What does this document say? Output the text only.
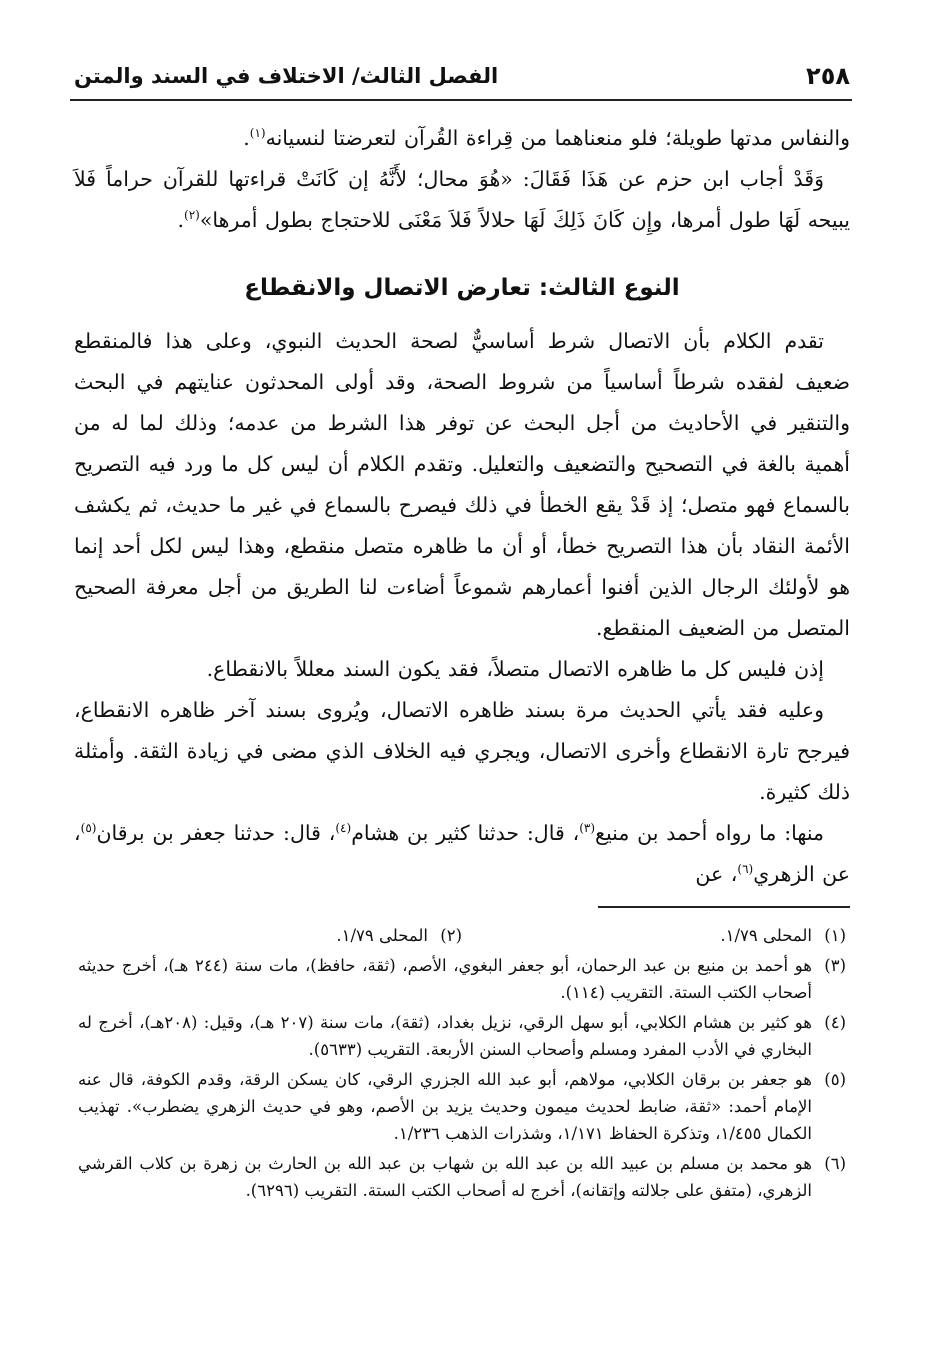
٢٥٨
الفصل الثالث/ الاختلاف في السند والمتن

والنفاس مدتها طويلة؛ فلو منعناهما من قِراءة القُرآن لتعرضتا لنسيانه$^{(١)}$.

وَقَدْ أجاب ابن حزم عن هَذَا فَقَالَ: «هُوَ محال؛ لأَنَّهُ إن كَانَتْ قراءتها للقرآن حراماً فَلاَ يبيحه لَهَا طول أمرها، وإِن كَانَ ذَلِكَ لَهَا حلالاً فَلاَ مَعْنَى للاحتجاج بطول أمرها»$^{(٢)}$.

النوع الثالث: تعارض الاتصال والانقطاع

تقدم الكلام بأن الاتصال شرط أساسيٌّ لصحة الحديث النبوي، وعلى هذا فالمنقطع ضعيف لفقده شرطاً أساسياً من شروط الصحة، وقد أولى المحدثون عنايتهم في البحث والتنقير في الأحاديث من أجل البحث عن توفر هذا الشرط من عدمه؛ وذلك لما له من أهمية بالغة في التصحيح والتضعيف والتعليل. وتقدم الكلام أن ليس كل ما ورد فيه التصريح بالسماع فهو متصل؛ إذ قَدْ يقع الخطأ في ذلك فيصرح بالسماع في غير ما حديث، ثم يكشف الأئمة النقاد بأن هذا التصريح خطأ، أو أن ما ظاهره متصل منقطع، وهذا ليس لكل أحد إنما هو لأولئك الرجال الذين أفنوا أعمارهم شموعاً أضاءت لنا الطريق من أجل معرفة الصحيح المتصل من الضعيف المنقطع.

إذن فليس كل ما ظاهره الاتصال متصلاً، فقد يكون السند معللاً بالانقطاع.

وعليه فقد يأتي الحديث مرة بسند ظاهره الاتصال، ويُروى بسند آخر ظاهره الانقطاع، فيرجح تارة الانقطاع وأخرى الاتصال، ويجري فيه الخلاف الذي مضى في زيادة الثقة. وأمثلة ذلك كثيرة.

منها: ما رواه أحمد بن منيع$^{(٣)}$، قال: حدثنا كثير بن هشام$^{(٤)}$، قال: حدثنا جعفر بن برقان$^{(٥)}$، عن الزهري$^{(٦)}$، عن

(١)
المحلى ١/٧٩.
(٢)
المحلى ١/٧٩.
(٣)
هو أحمد بن منيع بن عبد الرحمان، أبو جعفر البغوي، الأصم، (ثقة، حافظ)، مات سنة (٢٤٤ هـ)، أخرج حديثه أصحاب الكتب الستة. التقريب (١١٤).
(٤)
هو كثير بن هشام الكلابي، أبو سهل الرقي، نزيل بغداد، (ثقة)، مات سنة (٢٠٧ هـ)، وقيل: (٢٠٨هـ)، أخرج له البخاري في الأدب المفرد ومسلم وأصحاب السنن الأربعة. التقريب (٥٦٣٣).
(٥)
هو جعفر بن برقان الكلابي، مولاهم، أبو عبد الله الجزري الرقي، كان يسكن الرقة، وقدم الكوفة، قال عنه الإمام أحمد: «ثقة، ضابط لحديث ميمون وحديث يزيد بن الأصم، وهو في حديث الزهري يضطرب». تهذيب الكمال ١/٤٥٥، وتذكرة الحفاظ ١/١٧١، وشذرات الذهب ١/٢٣٦.
(٦)
هو محمد بن مسلم بن عبيد الله بن عبد الله بن شهاب بن عبد الله بن الحارث بن زهرة بن كلاب القرشي الزهري، (متفق على جلالته وإتقانه)، أخرج له أصحاب الكتب الستة. التقريب (٦٢٩٦).
